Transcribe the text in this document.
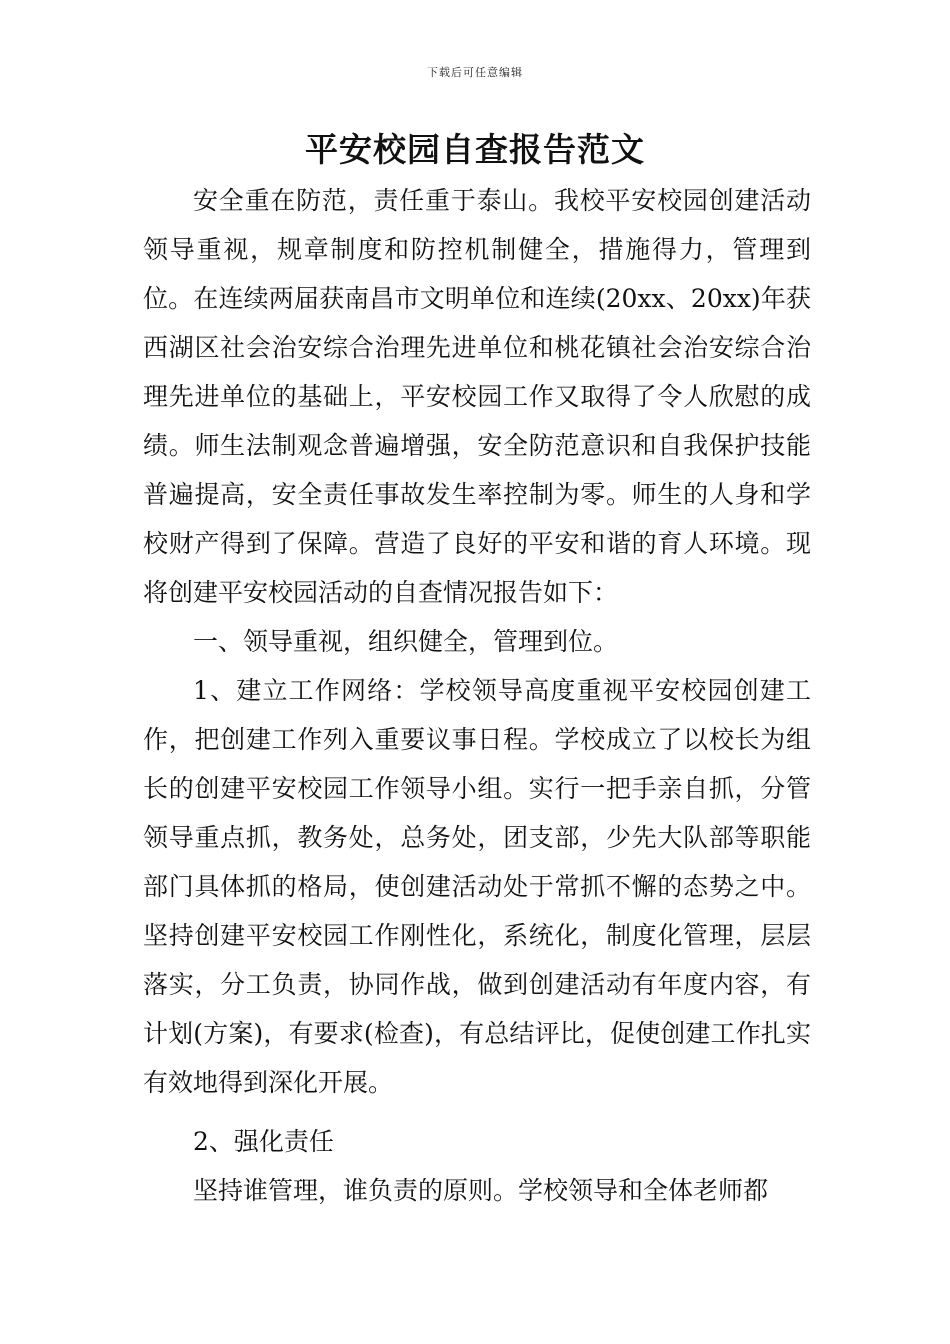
下载后可任意编辑
平安校园自查报告范文

安全重在防范，责任重于泰山。我校平安校园创建活动领导重视，规章制度和防控机制健全，措施得力，管理到位。在连续两届获南昌市文明单位和连续(20xx、20xx)年获西湖区社会治安综合治理先进单位和桃花镇社会治安综合治理先进单位的基础上，平安校园工作又取得了令人欣慰的成绩。师生法制观念普遍增强，安全防范意识和自我保护技能普遍提高，安全责任事故发生率控制为零。师生的人身和学校财产得到了保障。营造了良好的平安和谐的育人环境。现将创建平安校园活动的自查情况报告如下：

一、领导重视，组织健全，管理到位。

1、建立工作网络：学校领导高度重视平安校园创建工作，把创建工作列入重要议事日程。学校成立了以校长为组长的创建平安校园工作领导小组。实行一把手亲自抓，分管领导重点抓，教务处，总务处，团支部，少先大队部等职能部门具体抓的格局，使创建活动处于常抓不懈的态势之中。坚持创建平安校园工作刚性化，系统化，制度化管理，层层落实，分工负责，协同作战，做到创建活动有年度内容，有计划(方案)，有要求(检查)，有总结评比，促使创建工作扎实有效地得到深化开展。

2、强化责任

坚持谁管理，谁负责的原则。学校领导和全体老师都
